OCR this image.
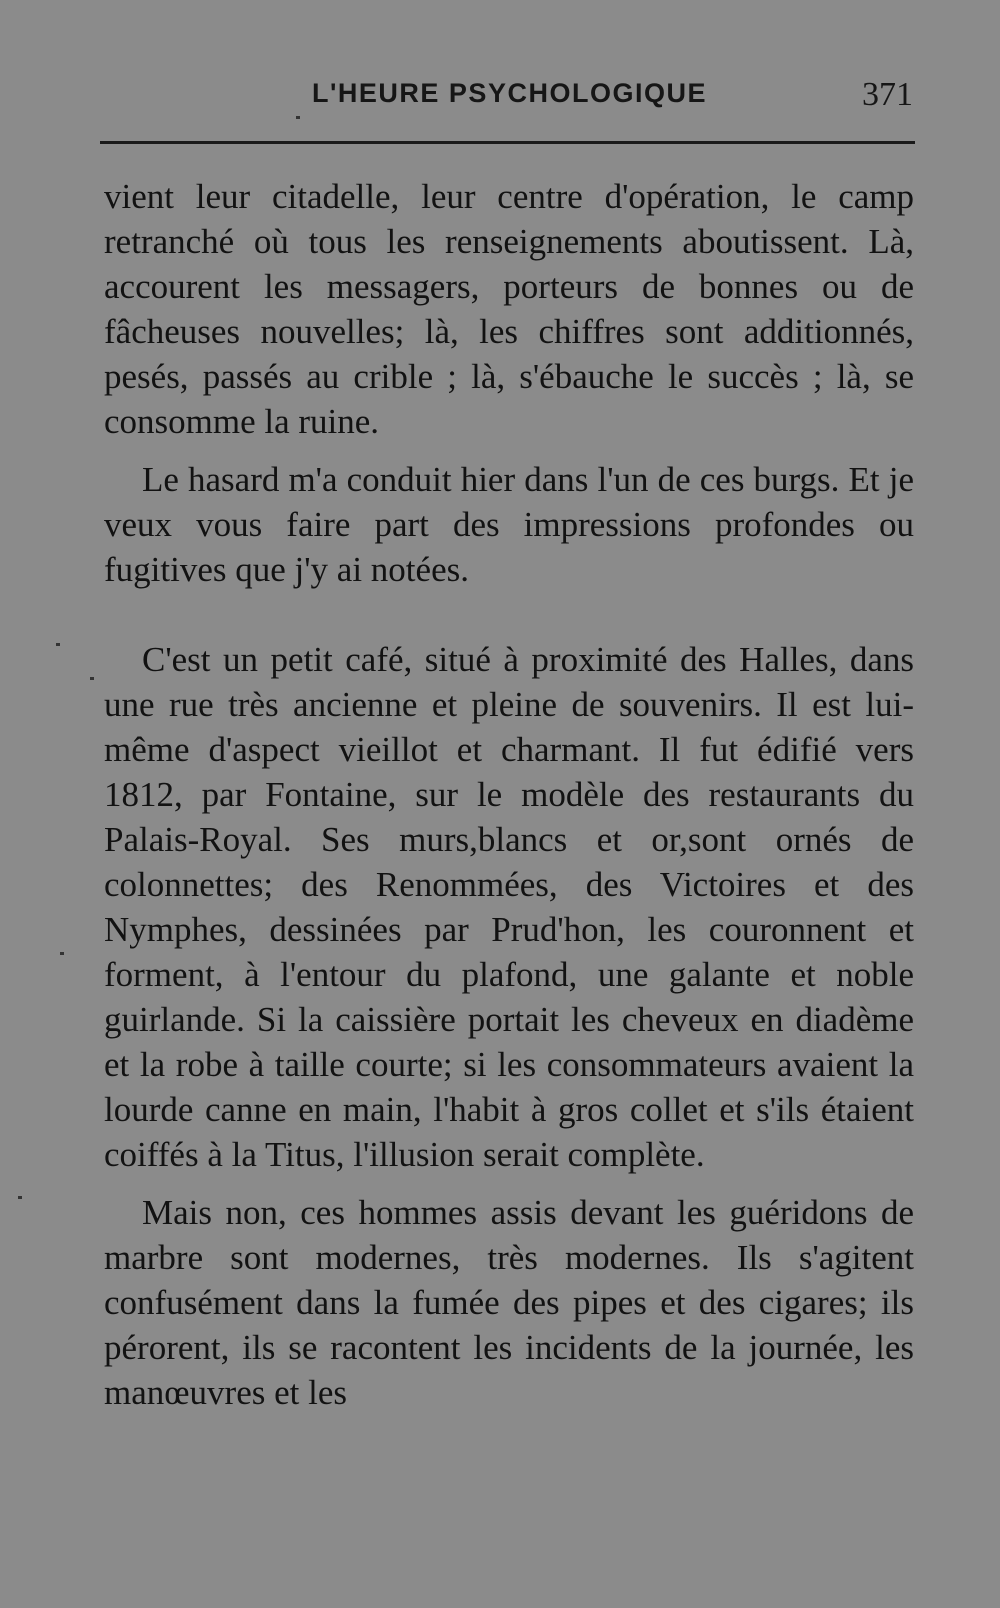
L'HEURE PSYCHOLOGIQUE	371

vient leur citadelle, leur centre d'opération, le camp retranché où tous les renseignements aboutissent. Là, accourent les messagers, porteurs de bonnes ou de fâcheuses nouvelles; là, les chiffres sont additionnés, pesés, passés au crible ; là, s'ébauche le succès ; là, se consomme la ruine.

Le hasard m'a conduit hier dans l'un de ces burgs. Et je veux vous faire part des impressions profondes ou fugitives que j'y ai notées.

C'est un petit café, situé à proximité des Halles, dans une rue très ancienne et pleine de souvenirs. Il est lui-même d'aspect vieillot et charmant. Il fut édifié vers 1812, par Fontaine, sur le modèle des restaurants du Palais-Royal. Ses murs,blancs et or,sont ornés de colonnettes; des Renommées, des Victoires et des Nymphes, dessinées par Prud'hon, les couronnent et forment, à l'entour du plafond, une galante et noble guirlande. Si la caissière portait les cheveux en diadème et la robe à taille courte; si les consommateurs avaient la lourde canne en main, l'habit à gros collet et s'ils étaient coiffés à la Titus, l'illusion serait complète.

Mais non, ces hommes assis devant les guéridons de marbre sont modernes, très modernes. Ils s'agitent confusément dans la fumée des pipes et des cigares; ils pérorent, ils se racontent les incidents de la journée, les manœuvres et les
